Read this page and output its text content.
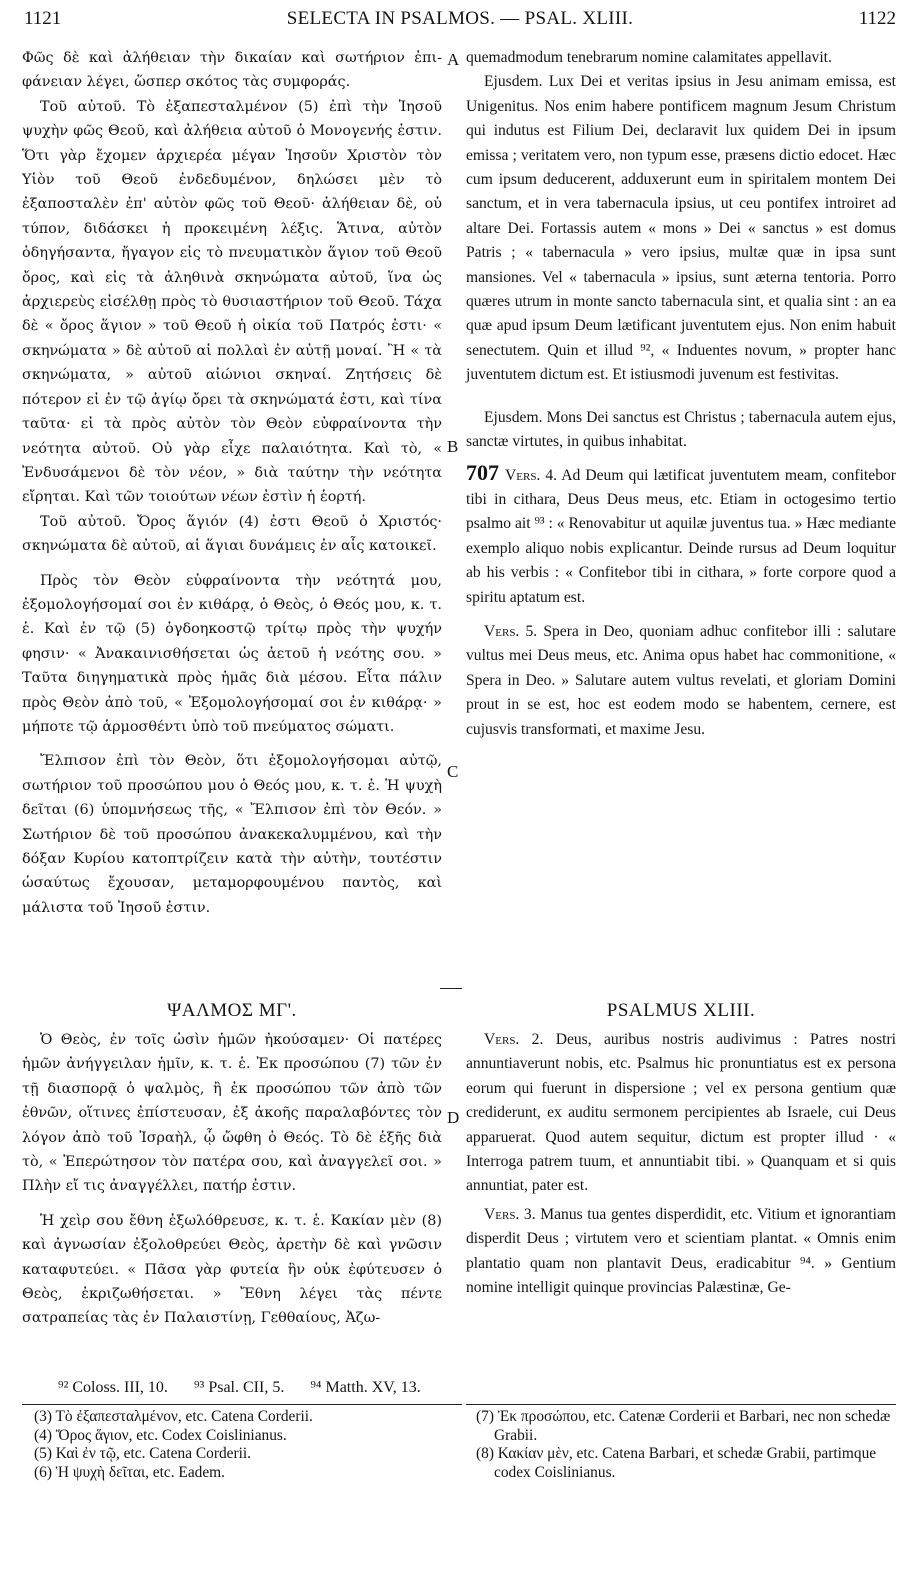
1121	SELECTA IN PSALMOS. — PSAL. XLIII.	1122

Φῶς δὲ καὶ ἀλήθειαν τὴν δικαίαν καὶ σωτήριον ἐπι- φάνειαν λέγει, ὥσπερ σκότος τὰς συμφοράς.

Τοῦ αὐτοῦ. Τὸ ἐξαπεσταλμένον (5) ἐπὶ τὴν Ἰησοῦ ψυχὴν φῶς Θεοῦ, καὶ ἀλήθεια αὐτοῦ ὁ Μονογενής ἐστιν. Ὅτι γὰρ ἔχομεν ἀρχιερέα μέγαν Ἰησοῦν Χριστὸν τὸν Υἱὸν τοῦ Θεοῦ ἐνδεδυμένον, δηλώσει μὲν τὸ ἐξαποσταλὲν ἐπ' αὐτὸν φῶς τοῦ Θεοῦ· ἀλήθειαν δὲ, οὐ τύπον, διδάσκει ἡ προκειμένη λέξις. Ἅτινα, αὐτὸν ὁδηγήσαντα, ἤγαγον εἰς τὸ πνευματικὸν ἅγιον τοῦ Θεοῦ ὄρος, καὶ εἰς τὰ ἀληθινὰ σκηνώματα αὐτοῦ, ἵνα ὡς ἀρχιερεὺς εἰσέλθῃ πρὸς τὸ θυσιαστήριον τοῦ Θεοῦ. Τάχα δὲ « ὄρος ἅγιον » τοῦ Θεοῦ ἡ οἰκία τοῦ Πατρός ἐστι· « σκηνώματα » δὲ αὐτοῦ αἱ πολλαὶ ἐν αὐτῇ μοναί. Ἢ « τὰ σκηνώματα, » αὐτοῦ αἰώνιοι σκηναί. Ζητήσεις δὲ πότερον εἰ ἐν τῷ ἁγίῳ ὄρει τὰ σκηνώματά ἐστι, καὶ τίνα ταῦτα· εἰ τὰ πρὸς αὐτὸν τὸν Θεὸν εὐφραίνοντα τὴν νεότητα αὐτοῦ. Οὐ γὰρ εἶχε παλαιότητα. Καὶ τὸ, « Ἐνδυσάμενοι δὲ τὸν νέον, » διὰ ταύτην τὴν νεότητα εἴρηται. Καὶ τῶν τοιούτων νέων ἐστὶν ἡ ἑορτή.

Τοῦ αὐτοῦ. Ὄρος ἅγιόν (4) ἐστι Θεοῦ ὁ Χριστός· σκηνώματα δὲ αὐτοῦ, αἱ ἅγιαι δυνάμεις ἐν αἷς κατοικεῖ.

Πρὸς τὸν Θεὸν εὐφραίνοντα τὴν νεότητά μου, ἐξομολογήσομαί σοι ἐν κιθάρᾳ, ὁ Θεὸς, ὁ Θεός μου, κ. τ. ἑ. Καὶ ἐν τῷ (5) ὀγδοηκοστῷ τρίτῳ πρὸς τὴν ψυχήν φησιν· « Ἀνακαινισθήσεται ὡς ἀετοῦ ἡ νεότης σου. » Ταῦτα διηγηματικὰ πρὸς ἡμᾶς διὰ μέσου. Εἶτα πάλιν πρὸς Θεὸν ἀπὸ τοῦ, « Ἐξομολογήσομαί σοι ἐν κιθάρᾳ· » μήποτε τῷ ἁρμοσθέντι ὑπὸ τοῦ πνεύματος σώματι.

Ἔλπισον ἐπὶ τὸν Θεὸν, ὅτι ἐξομολογήσομαι αὐτῷ, σωτήριον τοῦ προσώπου μου ὁ Θεός μου, κ. τ. ἑ. Ἡ ψυχὴ δεῖται (6) ὑπομνήσεως τῆς, « Ἔλπισον ἐπὶ τὸν Θεόν. » Σωτήριον δὲ τοῦ προσώπου ἀνακεκαλυμμένου, καὶ τὴν δόξαν Κυρίου κατοπτρίζειν κατὰ τὴν αὐτὴν, τουτέστιν ὡσαύτως ἔχουσαν, μεταμορφουμένου παντὸς, καὶ μάλιστα τοῦ Ἰησοῦ ἐστιν.

quemadmodum tenebrarum nomine calamitates appellavit.

Ejusdem. Lux Dei et veritas ipsius in Jesu animam emissa, est Unigenitus. Nos enim habere pontificem magnum Jesum Christum qui indutus est Filium Dei, declaravit lux quidem Dei in ipsum emissa ; veritatem vero, non typum esse, præsens dictio edocet. Hæc cum ipsum deducerent, adduxerunt eum in spiritalem montem Dei sanctum, et in vera tabernacula ipsius, ut ceu pontifex introiret ad altare Dei. Fortassis autem « mons » Dei « sanctus » est domus Patris ; « tabernacula » vero ipsius, multæ quæ in ipsa sunt mansiones. Vel « tabernacula » ipsius, sunt æterna tentoria. Porro quæres utrum in monte sancto tabernacula sint, et qualia sint : an ea quæ apud ipsum Deum lætificant juventutem ejus. Non enim habuit senectutem. Quin et illud ⁹², « Induentes novum, » propter hanc juventutem dictum est. Et istiusmodi juvenum est festivitas.

Ejusdem. Mons Dei sanctus est Christus ; tabernacula autem ejus, sanctæ virtutes, in quibus inhabitat.

707 Vers. 4. Ad Deum qui lætificat juventutem meam, confitebor tibi in cithara, Deus Deus meus, etc. Etiam in octogesimo tertio psalmo ait ⁹³ : « Renovabitur ut aquilæ juventus tua. » Hæc mediante exemplo aliquo nobis explicantur. Deinde rursus ad Deum loquitur ab his verbis : « Confitebor tibi in cithara, » forte corpore quod a spiritu aptatum est.

Vers. 5. Spera in Deo, quoniam adhuc confitebor illi : salutare vultus mei Deus meus, etc. Anima opus habet hac commonitione, « Spera in Deo. » Salutare autem vultus revelati, et gloriam Domini prout in se est, hoc est eodem modo se habentem, cernere, est cujusvis transformati, et maxime Jesu.

A
B
C
D
ΨΑΛΜΟΣ ΜΓ'.	PSALMUS XLIII.

Ὁ Θεὸς, ἐν τοῖς ὠσὶν ἡμῶν ἠκούσαμεν· Οἱ πατέρες ἡμῶν ἀνήγγειλαν ἡμῖν, κ. τ. ἑ. Ἐκ προσώπου (7) τῶν ἐν τῇ διασπορᾷ ὁ ψαλμὸς, ἢ ἐκ προσώπου τῶν ἀπὸ τῶν ἐθνῶν, οἵτινες ἐπίστευσαν, ἐξ ἀκοῆς παραλαβόντες τὸν λόγον ἀπὸ τοῦ Ἰσραὴλ, ᾧ ὤφθη ὁ Θεός. Τὸ δὲ ἑξῆς διὰ τὸ, « Ἐπερώτησον τὸν πατέρα σου, καὶ ἀναγγελεῖ σοι. » Πλὴν εἴ τις ἀναγγέλλει, πατήρ ἐστιν.

Ἡ χεὶρ σου ἔθνη ἐξωλόθρευσε, κ. τ. ἑ. Κακίαν μὲν (8) καὶ ἀγνωσίαν ἐξολοθρεύει Θεὸς, ἀρετὴν δὲ καὶ γνῶσιν καταφυτεύει. « Πᾶσα γὰρ φυτεία ἣν οὐκ ἐφύτευσεν ὁ Θεὸς, ἐκριζωθήσεται. » Ἔθνη λέγει τὰς πέντε σατραπείας τὰς ἐν Παλαιστίνῃ, Γεθθαίους, Ἀζω-

Vers. 2. Deus, auribus nostris audivimus : Patres nostri annuntiaverunt nobis, etc. Psalmus hic pronuntiatus est ex persona eorum qui fuerunt in dispersione ; vel ex persona gentium quæ crediderunt, ex auditu sermonem percipientes ab Israele, cui Deus apparuerat. Quod autem sequitur, dictum est propter illud · « Interroga patrem tuum, et annuntiabit tibi. » Quanquam et si quis annuntiat, pater est.

Vers. 3. Manus tua gentes disperdidit, etc. Vitium et ignorantiam disperdit Deus ; virtutem vero et scientiam plantat. « Omnis enim plantatio quam non plantavit Deus, eradicabitur ⁹⁴. » Gentium nomine intelligit quinque provincias Palæstinæ, Ge-

⁹² Coloss. III, 10. ⁹³ Psal. CII, 5. ⁹⁴ Matth. XV, 13.

(3) Τὸ ἐξαπεσταλμένον, etc. Catena Corderii.

(4) Ὄρος ἅγιον, etc. Codex Coislinianus.

(5) Καὶ ἐν τῷ, etc. Catena Corderii.

(6) Ἡ ψυχὴ δεῖται, etc. Eadem.

(7) Ἐκ προσώπου, etc. Catenæ Corderii et Barbari, nec non schedæ Grabii.

(8) Κακίαν μὲν, etc. Catena Barbari, et schedæ Grabii, partimque codex Coislinianus.
